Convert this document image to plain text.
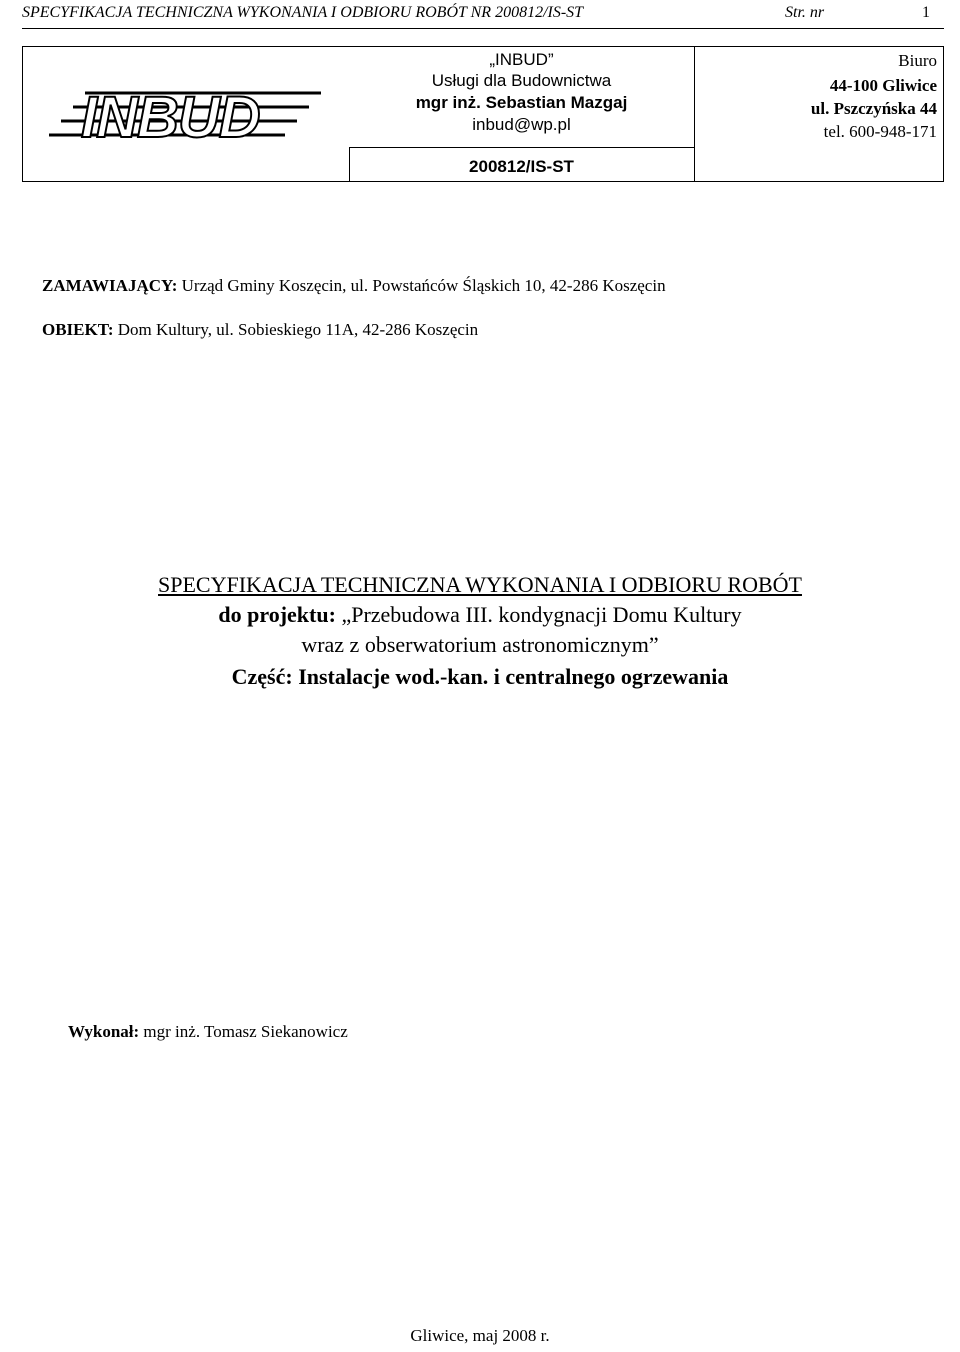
SPECYFIKACJA TECHNICZNA WYKONANIA I ODBIORU ROBÓT NR 200812/IS-ST	Str. nr	1
INBUD
„INBUD”
Usługi dla Budownictwa
mgr inż. Sebastian Mazgaj
inbud@wp.pl
200812/IS-ST
Biuro
44-100 Gliwice
ul. Pszczyńska 44
tel. 600-948-171
ZAMAWIAJĄCY: Urząd Gminy Koszęcin, ul. Powstańców Śląskich 10, 42-286 Koszęcin
OBIEKT: Dom Kultury, ul. Sobieskiego 11A, 42-286 Koszęcin
SPECYFIKACJA TECHNICZNA WYKONANIA I ODBIORU ROBÓT
do projektu: „Przebudowa III. kondygnacji Domu Kultury
wraz z obserwatorium astronomicznym”
Część: Instalacje wod.-kan. i centralnego ogrzewania
Wykonał: mgr inż. Tomasz Siekanowicz
Gliwice, maj 2008 r.
